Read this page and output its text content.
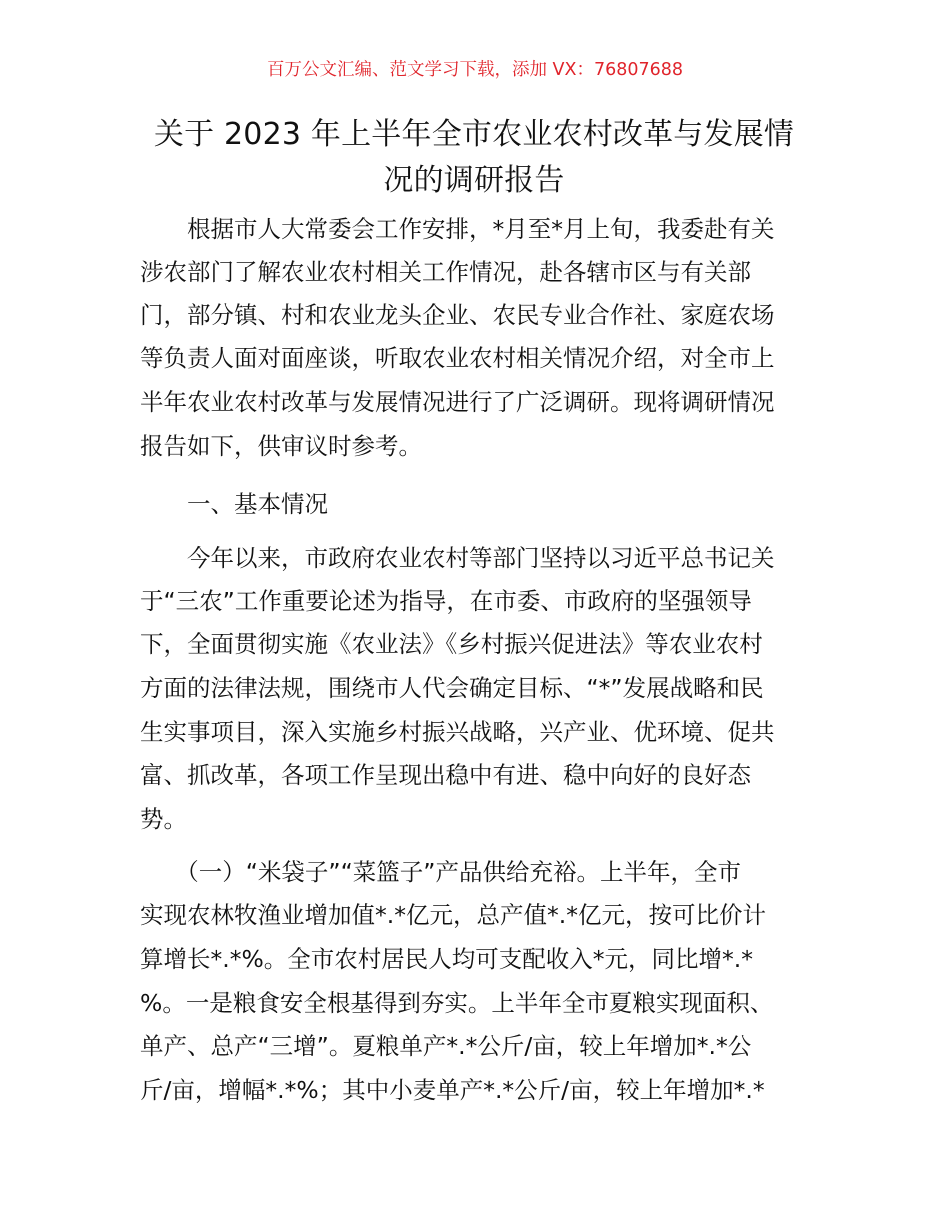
百万公文汇编、范文学习下载，添加 VX：76807688
关于 2023 年上半年全市农业农村改革与发展情
况的调研报告
　　根据市人大常委会工作安排，*月至*月上旬，我委赴有关
涉农部门了解农业农村相关工作情况，赴各辖市区与有关部
门，部分镇、村和农业龙头企业、农民专业合作社、家庭农场
等负责人面对面座谈，听取农业农村相关情况介绍，对全市上
半年农业农村改革与发展情况进行了广泛调研。现将调研情况
报告如下，供审议时参考。
　　一、基本情况
　　今年以来，市政府农业农村等部门坚持以习近平总书记关
于“三农”工作重要论述为指导，在市委、市政府的坚强领导
下，全面贯彻实施《农业法》《乡村振兴促进法》等农业农村
方面的法律法规，围绕市人代会确定目标、“*”发展战略和民
生实事项目，深入实施乡村振兴战略，兴产业、优环境、促共
富、抓改革，各项工作呈现出稳中有进、稳中向好的良好态
势。
　　（一）“米袋子”“菜篮子”产品供给充裕。上半年，全市
实现农林牧渔业增加值*.*亿元，总产值*.*亿元，按可比价计
算增长*.*%。全市农村居民人均可支配收入*元，同比增*.*
%。一是粮食安全根基得到夯实。上半年全市夏粮实现面积、
单产、总产“三增”。夏粮单产*.*公斤/亩，较上年增加*.*公
斤/亩，增幅*.*%；其中小麦单产*.*公斤/亩，较上年增加*.*
